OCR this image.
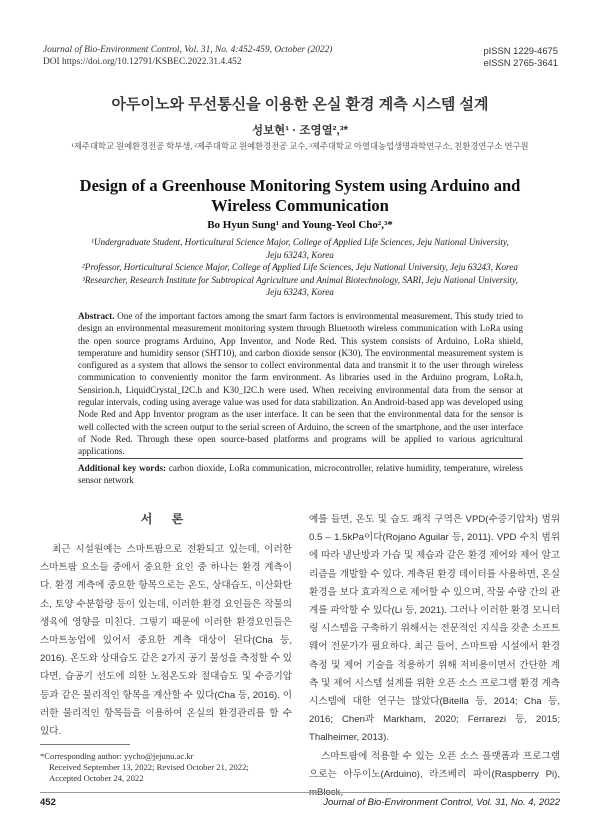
Journal of Bio-Environment Control, Vol. 31, No. 4:452-459, October (2022)
DOI https://doi.org/10.12791/KSBEC.2022.31.4.452
pISSN 1229-4675
eISSN 2765-3641
아두이노와 무선통신을 이용한 온실 환경 계측 시스템 설계
성보현¹ · 조영열²,³*
¹제주대학교 원예환경전공 학부생, ²제주대학교 원예환경전공 교수, ³제주대학교 아열대농업생명과학연구소, 친환경연구소 연구원
Design of a Greenhouse Monitoring System using Arduino and
Wireless Communication
Bo Hyun Sung¹ and Young-Yeol Cho²,³*
¹Undergraduate Student, Horticultural Science Major, College of Applied Life Sciences, Jeju National University,
Jeju 63243, Korea
²Professor, Horticultural Science Major, College of Applied Life Sciences, Jeju National University, Jeju 63243, Korea
³Researcher, Research Institute for Subtropical Agriculture and Animal Biotechnology, SARI, Jeju National University,
Jeju 63243, Korea
Abstract. One of the important factors among the smart farm factors is environmental measurement. This study tried to design an environmental measurement monitoring system through Bluetooth wireless communication with LoRa using the open source programs Arduino, App Inventor, and Node Red. This system consists of Arduino, LoRa shield, temperature and humidity sensor (SHT10), and carbon dioxide sensor (K30). The environmental measurement system is configured as a system that allows the sensor to collect environmental data and transmit it to the user through wireless communication to conveniently monitor the farm environment. As libraries used in the Arduino program, LoRa.h, Sensirion.h, LiquidCrystal_I2C.h and K30_I2C.h were used. When receiving environmental data from the sensor at regular intervals, coding using average value was used for data stabilization. An Android-based app was developed using Node Red and App Inventor program as the user interface. It can be seen that the environmental data for the sensor is well collected with the screen output to the serial screen of Arduino, the screen of the smartphone, and the user interface of Node Red. Through these open source-based platforms and programs will be applied to various agricultural applications.
Additional key words: carbon dioxide, LoRa communication, microcontroller, relative humidity, temperature, wireless sensor network
서 론

최근 시설원예는 스마트팜으로 전환되고 있는데, 이러한 스마트팜 요소들 중에서 중요한 요인 중 하나는 환경 계측이다. 환경 계측에 중요한 항목으로는 온도, 상대습도, 이산화탄소, 토양 수분함량 등이 있는데, 이러한 환경 요인들은 작물의 생육에 영향을 미친다. 그렇기 때문에 이러한 환경요인들은 스마트농업에 있어서 중요한 계측 대상이 된다(Cha 등, 2016). 온도와 상대습도 같은 2가지 공기 물성을 측정할 수 있다면, 습공기 선도에 의한 노점온도와 절대습도 및 수증기압 등과 같은 물리적인 항목을 계산할 수 있다(Cha 등, 2016). 이러한 물리적인 항목들을 이용하여 온실의 환경관리를 할 수 있다.

*Corresponding author: yycho@jejunu.ac.kr
Received September 13, 2022; Revised October 21, 2022;
Accepted October 24, 2022

예를 들면, 온도 및 습도 쾌적 구역은 VPD(수증기압차) 범위 0.5 – 1.5kPa이다(Rojano Aguilar 등, 2011). VPD 수치 범위에 따라 냉난방과 가습 및 제습과 같은 환경 제어와 제어 알고리즘을 개발할 수 있다. 계측된 환경 데이터를 사용하면, 온실 환경을 보다 효과적으로 제어할 수 있으며, 작물 수량 간의 관계를 파악할 수 있다(Li 등, 2021). 그러나 이러한 환경 모니터링 시스템을 구축하기 위해서는 전문적인 지식을 갖춘 소프트웨어 전문가가 필요하다. 최근 들어, 스마트팜 시설에서 환경 측정 및 제어 기술을 적용하기 위해 저비용이면서 간단한 계측 및 제어 시스템 설계를 위한 오픈 소스 프로그램 환경 계측 시스템에 대한 연구는 많았다(Bitella 등, 2014; Cha 등, 2016; Chen과 Markham, 2020; Ferrarezi 등, 2015; Thalheimer, 2013).

스마트팜에 적용할 수 있는 오픈 소스 플랫폼과 프로그램으로는 아두이노(Arduino), 라즈베리 파이(Raspberry Pi),

452	Journal of Bio-Environment Control, Vol. 31, No. 4, 2022
